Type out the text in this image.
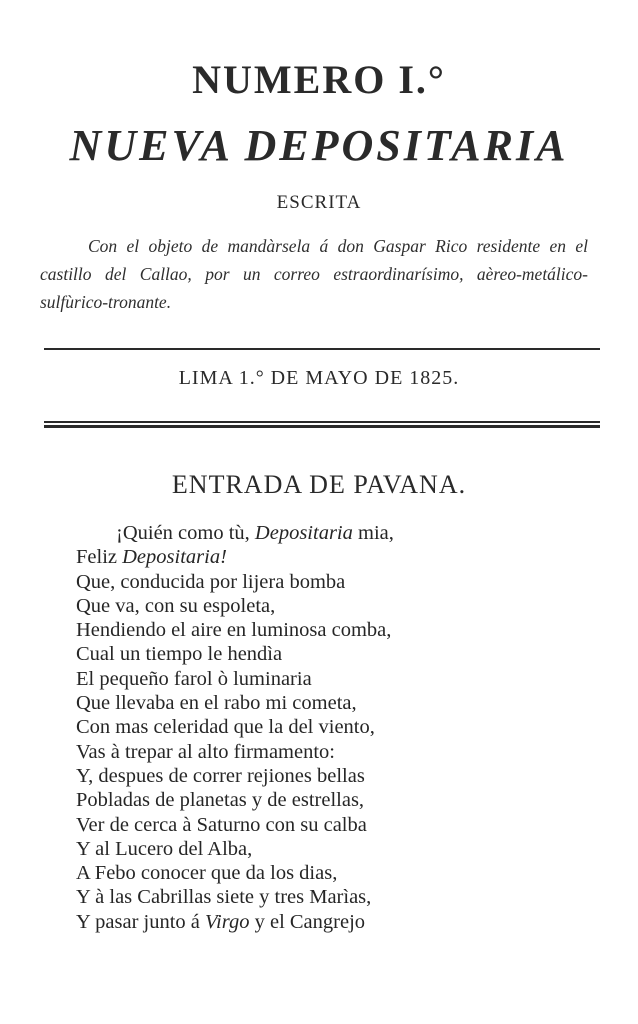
NUMERO I.°
NUEVA DEPOSITARIA
ESCRITA
Con el objeto de mandàrsela á don Gaspar Rico residente en el castillo del Callao, por un correo estraordinarísimo, aèreo-metálico-sulfùrico-tronante.
LIMA 1.° DE MAYO DE 1825.
ENTRADA DE PAVANA.
¡Quién como tù, Depositaria mia,
Feliz Depositaria!
Que, conducida por lijera bomba
Que va, con su espoleta,
Hendiendo el aire en luminosa comba,
Cual un tiempo le hendìa
El pequeño farol ò luminaria
Que llevaba en el rabo mi cometa,
Con mas celeridad que la del viento,
Vas à trepar al alto firmamento:
Y, despues de correr rejiones bellas
Pobladas de planetas y de estrellas,
Ver de cerca à Saturno con su calba
Y al Lucero del Alba,
A Febo conocer que da los dias,
Y à las Cabrillas siete y tres Marìas,
Y pasar junto á Virgo y el Cangrejo
